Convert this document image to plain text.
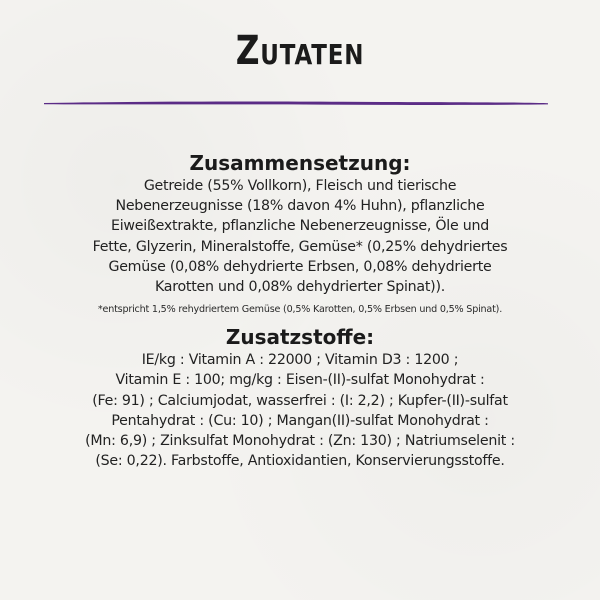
Zutaten
Zusammensetzung:
Getreide (55% Vollkorn), Fleisch und tierische
Nebenerzeugnisse (18% davon 4% Huhn), pflanzliche
Eiweißextrakte, pflanzliche Nebenerzeugnisse, Öle und
Fette, Glyzerin, Mineralstoffe, Gemüse* (0,25% dehydriertes
Gemüse (0,08% dehydrierte Erbsen, 0,08% dehydrierte
Karotten und 0,08% dehydrierter Spinat)).
*entspricht 1,5% rehydriertem Gemüse (0,5% Karotten, 0,5% Erbsen und 0,5% Spinat).
Zusatzstoffe:
IE/kg : Vitamin A : 22000 ; Vitamin D3 : 1200 ;
Vitamin E : 100; mg/kg : Eisen-(II)-sulfat Monohydrat :
(Fe: 91) ; Calciumjodat, wasserfrei : (I: 2,2) ; Kupfer-(II)-sulfat
Pentahydrat : (Cu: 10) ; Mangan(II)-sulfat Monohydrat :
(Mn: 6,9) ; Zinksulfat Monohydrat : (Zn: 130) ; Natriumselenit :
(Se: 0,22). Farbstoffe, Antioxidantien, Konservierungsstoffe.
